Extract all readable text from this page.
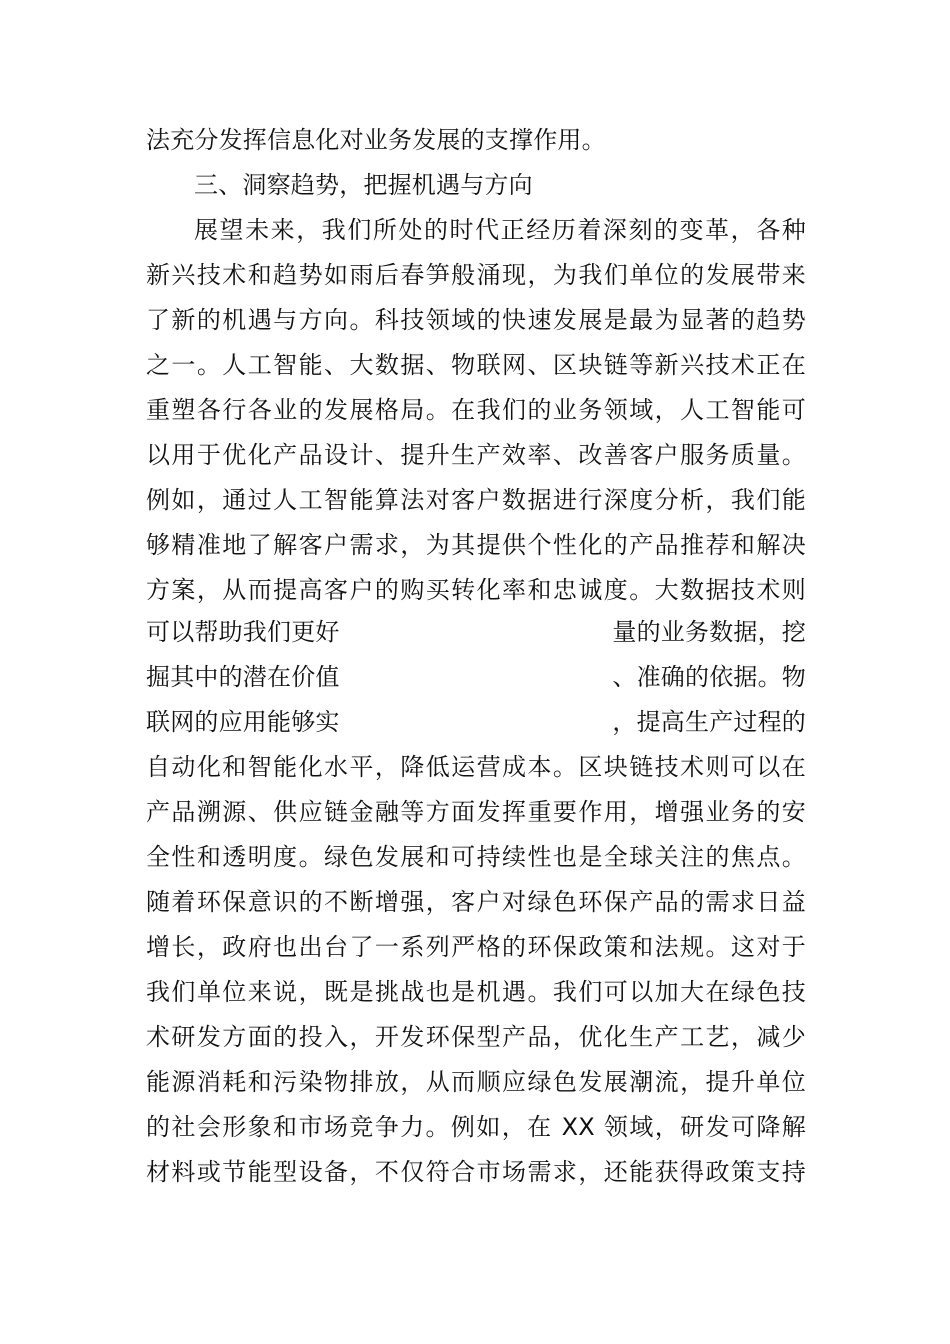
法充分发挥信息化对业务发展的支撑作用。
三、洞察趋势，把握机遇与方向
展望未来，我们所处的时代正经历着深刻的变革，各种
新兴技术和趋势如雨后春笋般涌现，为我们单位的发展带来
了新的机遇与方向。科技领域的快速发展是最为显著的趋势
之一。人工智能、大数据、物联网、区块链等新兴技术正在
重塑各行各业的发展格局。在我们的业务领域，人工智能可
以用于优化产品设计、提升生产效率、改善客户服务质量。
例如，通过人工智能算法对客户数据进行深度分析，我们能
够精准地了解客户需求，为其提供个性化的产品推荐和解决
方案，从而提高客户的购买转化率和忠诚度。大数据技术则
可以帮助我们更好	量的业务数据，挖
掘其中的潜在价值	、准确的依据。物
联网的应用能够实	，提高生产过程的
自动化和智能化水平，降低运营成本。区块链技术则可以在
产品溯源、供应链金融等方面发挥重要作用，增强业务的安
全性和透明度。绿色发展和可持续性也是全球关注的焦点。
随着环保意识的不断增强，客户对绿色环保产品的需求日益
增长，政府也出台了一系列严格的环保政策和法规。这对于
我们单位来说，既是挑战也是机遇。我们可以加大在绿色技
术研发方面的投入，开发环保型产品，优化生产工艺，减少
能源消耗和污染物排放，从而顺应绿色发展潮流，提升单位
的社会形象和市场竞争力。例如，在 XX 领域，研发可降解
材料或节能型设备，不仅符合市场需求，还能获得政策支持
